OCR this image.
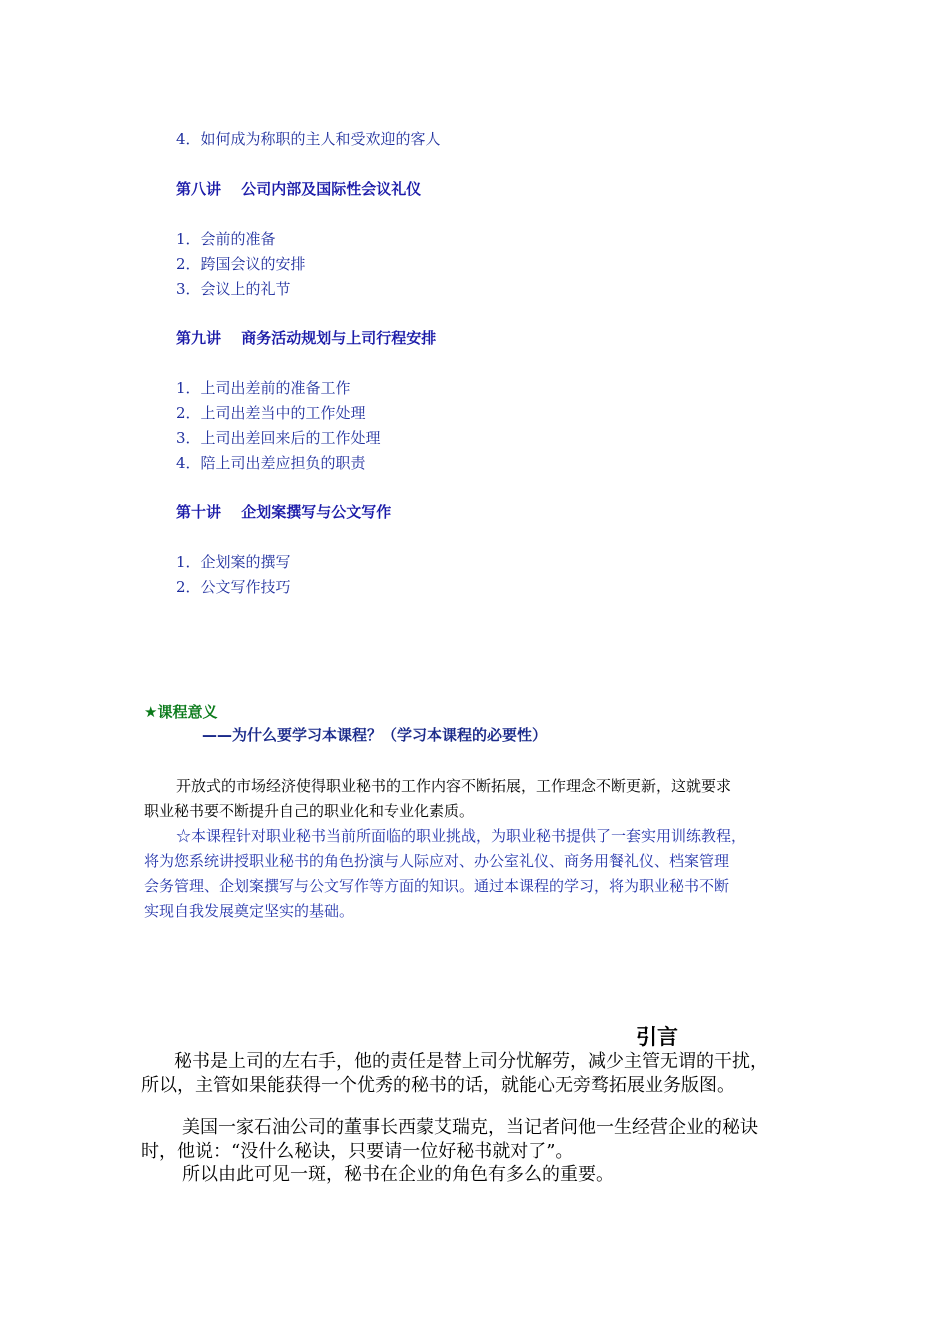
4．如何成为称职的主人和受欢迎的客人
第八讲　 公司内部及国际性会议礼仪
1．会前的准备
2．跨国会议的安排
3．会议上的礼节
第九讲　 商务活动规划与上司行程安排
1．上司出差前的准备工作
2．上司出差当中的工作处理
3．上司出差回来后的工作处理
4．陪上司出差应担负的职责
第十讲　 企划案撰写与公文写作
1．企划案的撰写
2．公文写作技巧
★课程意义
——为什么要学习本课程？（学习本课程的必要性）
开放式的市场经济使得职业秘书的工作内容不断拓展，工作理念不断更新，这就要求
职业秘书要不断提升自己的职业化和专业化素质。
☆本课程针对职业秘书当前所面临的职业挑战，为职业秘书提供了一套实用训练教程，
将为您系统讲授职业秘书的角色扮演与人际应对、办公室礼仪、商务用餐礼仪、档案管理
会务管理、企划案撰写与公文写作等方面的知识。通过本课程的学习，将为职业秘书不断
实现自我发展奠定坚实的基础。
引言
秘书是上司的左右手，他的责任是替上司分忧解劳，减少主管无谓的干扰，
所以，主管如果能获得一个优秀的秘书的话，就能心无旁骛拓展业务版图。
美国一家石油公司的董事长西蒙艾瑞克，当记者问他一生经营企业的秘诀
时，他说：“没什么秘诀，只要请一位好秘书就对了”。
所以由此可见一斑，秘书在企业的角色有多么的重要。
